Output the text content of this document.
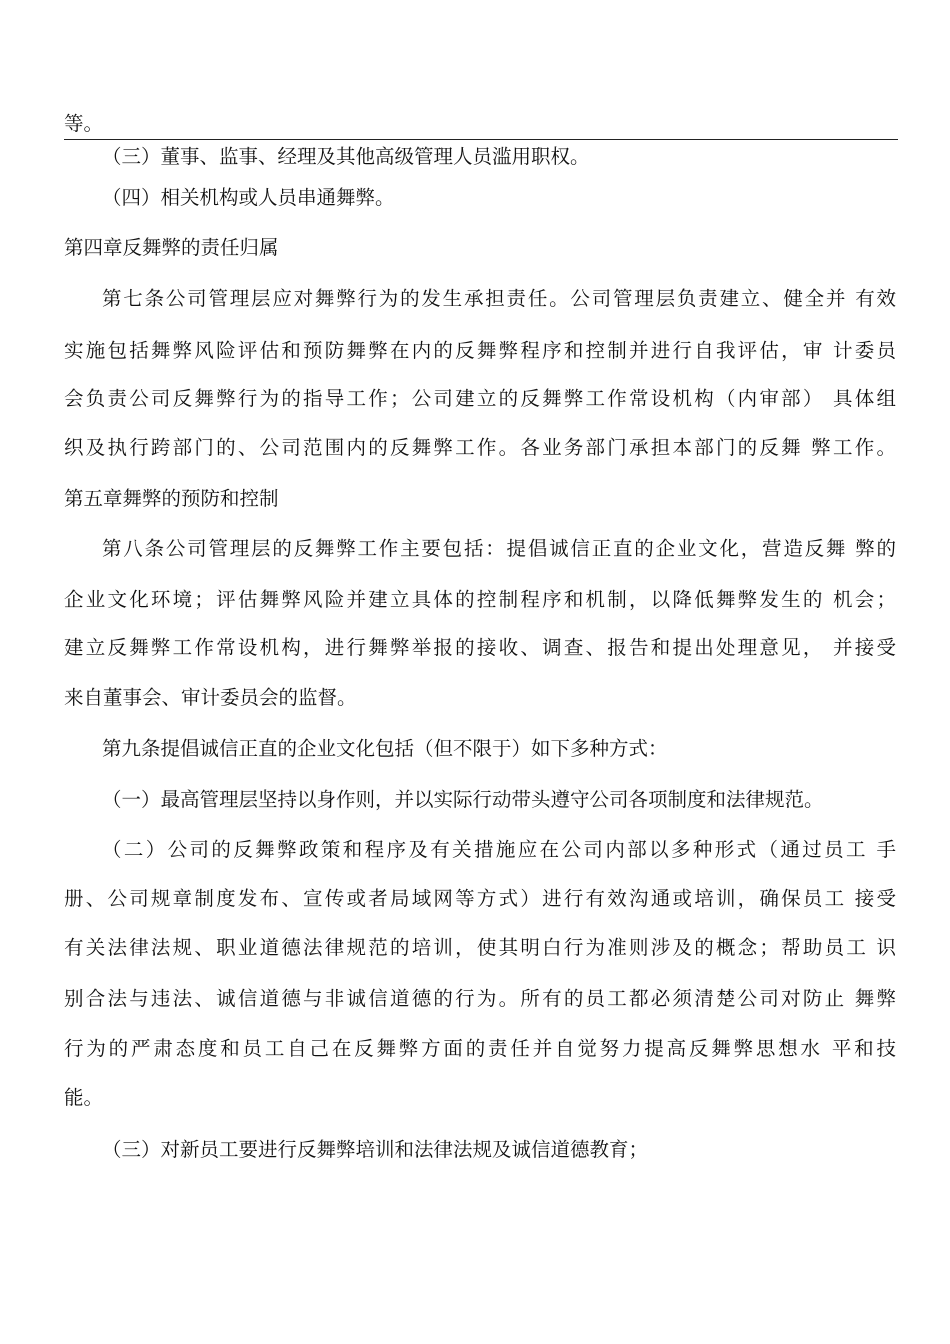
等。
（三）董事、监事、经理及其他高级管理人员滥用职权。
（四）相关机构或人员串通舞弊。
第四章反舞弊的责任归属
第七条公司管理层应对舞弊行为的发生承担责任。公司管理层负责建立、健全并 有效
实施包括舞弊风险评估和预防舞弊在内的反舞弊程序和控制并进行自我评估，审 计委员
会负责公司反舞弊行为的指导工作；公司建立的反舞弊工作常设机构（内审部） 具体组
织及执行跨部门的、公司范围内的反舞弊工作。各业务部门承担本部门的反舞 弊工作。
第五章舞弊的预防和控制
第八条公司管理层的反舞弊工作主要包括：提倡诚信正直的企业文化，营造反舞 弊的
企业文化环境；评估舞弊风险并建立具体的控制程序和机制，以降低舞弊发生的 机会；
建立反舞弊工作常设机构，进行舞弊举报的接收、调查、报告和提出处理意见， 并接受
来自董事会、审计委员会的监督。
第九条提倡诚信正直的企业文化包括（但不限于）如下多种方式：
（一）最高管理层坚持以身作则，并以实际行动带头遵守公司各项制度和法律规范。
（二）公司的反舞弊政策和程序及有关措施应在公司内部以多种形式（通过员工 手
册、公司规章制度发布、宣传或者局域网等方式）进行有效沟通或培训，确保员工 接受
有关法律法规、职业道德法律规范的培训，使其明白行为准则涉及的概念；帮助员工 识
别合法与违法、诚信道德与非诚信道德的行为。所有的员工都必须清楚公司对防止 舞弊
行为的严肃态度和员工自己在反舞弊方面的责任并自觉努力提高反舞弊思想水 平和技
能。
（三）对新员工要进行反舞弊培训和法律法规及诚信道德教育；
